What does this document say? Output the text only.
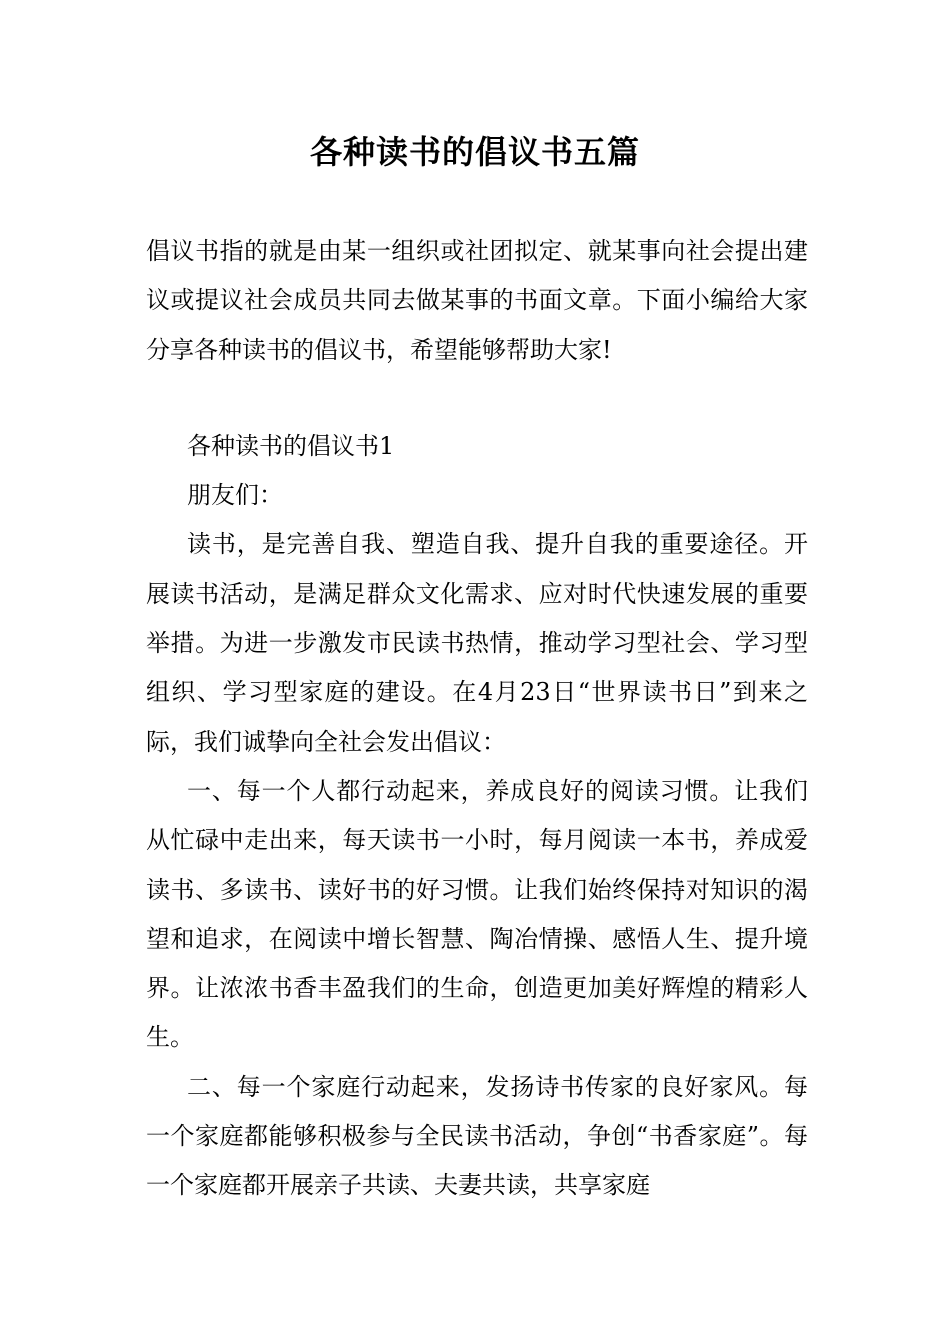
各种读书的倡议书五篇

倡议书指的就是由某一组织或社团拟定、就某事向社会提出建议或提议社会成员共同去做某事的书面文章。下面小编给大家分享各种读书的倡议书，希望能够帮助大家!

各种读书的倡议书1

朋友们：

读书，是完善自我、塑造自我、提升自我的重要途径。开展读书活动，是满足群众文化需求、应对时代快速发展的重要举措。为进一步激发市民读书热情，推动学习型社会、学习型组织、学习型家庭的建设。在4月23日“世界读书日”到来之际，我们诚挚向全社会发出倡议：

一、每一个人都行动起来，养成良好的阅读习惯。让我们从忙碌中走出来，每天读书一小时，每月阅读一本书，养成爱读书、多读书、读好书的好习惯。让我们始终保持对知识的渴望和追求，在阅读中增长智慧、陶冶情操、感悟人生、提升境界。让浓浓书香丰盈我们的生命，创造更加美好辉煌的精彩人生。

二、每一个家庭行动起来，发扬诗书传家的良好家风。每一个家庭都能够积极参与全民读书活动，争创“书香家庭”。每一个家庭都开展亲子共读、夫妻共读，共享家庭
